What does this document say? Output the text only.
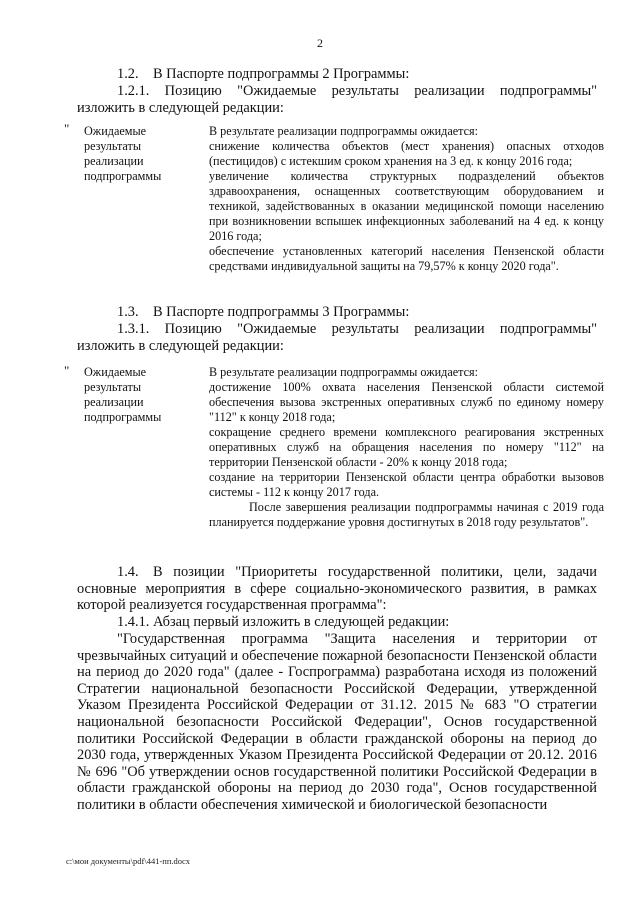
2

1.2. В Паспорте подпрограммы 2 Программы:

1.2.1. Позицию "Ожидаемые результаты реализации подпрограммы" изложить в следующей редакции:

" Ожидаемые результаты реализации подпрограммы

В результате реализации подпрограммы ожидается:

снижение количества объектов (мест хранения) опасных отходов (пестицидов) с истекшим сроком хранения на 3 ед. к концу 2016 года;

увеличение количества структурных подразделений объектов здравоохранения, оснащенных соответствующим оборудованием и техникой, задействованных в оказании медицинской помощи населению при возникновении вспышек инфекционных заболеваний на 4 ед. к концу 2016 года;

обеспечение установленных категорий населения Пензенской области средствами индивидуальной защиты на 79,57% к концу 2020 года".

1.3. В Паспорте подпрограммы 3 Программы:

1.3.1. Позицию "Ожидаемые результаты реализации подпрограммы" изложить в следующей редакции:

" Ожидаемые результаты реализации подпрограммы

В результате реализации подпрограммы ожидается:

достижение 100% охвата населения Пензенской области системой обеспечения вызова экстренных оперативных служб по единому номеру "112" к концу 2018 года;

сокращение среднего времени комплексного реагирования экстренных оперативных служб на обращения населения по номеру "112" на территории Пензенской области - 20% к концу 2018 года;

создание на территории Пензенской области центра обработки вызовов системы - 112 к концу 2017 года.

После завершения реализации подпрограммы начиная с 2019 года планируется поддержание уровня достигнутых в 2018 году результатов".

1.4. В позиции "Приоритеты государственной политики, цели, задачи основные мероприятия в сфере социально-экономического развития, в рамках которой реализуется государственная программа":

1.4.1. Абзац первый изложить в следующей редакции:

"Государственная программа "Защита населения и территории от чрезвычайных ситуаций и обеспечение пожарной безопасности Пензенской области на период до 2020 года" (далее - Госпрограмма) разработана исходя из положений Стратегии национальной безопасности Российской Федерации, утвержденной Указом Президента Российской Федерации от 31.12. 2015 № 683 "О стратегии национальной безопасности Российской Федерации", Основ государственной политики Российской Федерации в области гражданской обороны на период до 2030 года, утвержденных Указом Президента Российской Федерации от 20.12. 2016 № 696 "Об утверждении основ государственной политики Российской Федерации в области гражданской обороны на период до 2030 года", Основ государственной политики в области обеспечения химической и биологической безопасности

c:\мои документы\pdf\441-пп.docx
